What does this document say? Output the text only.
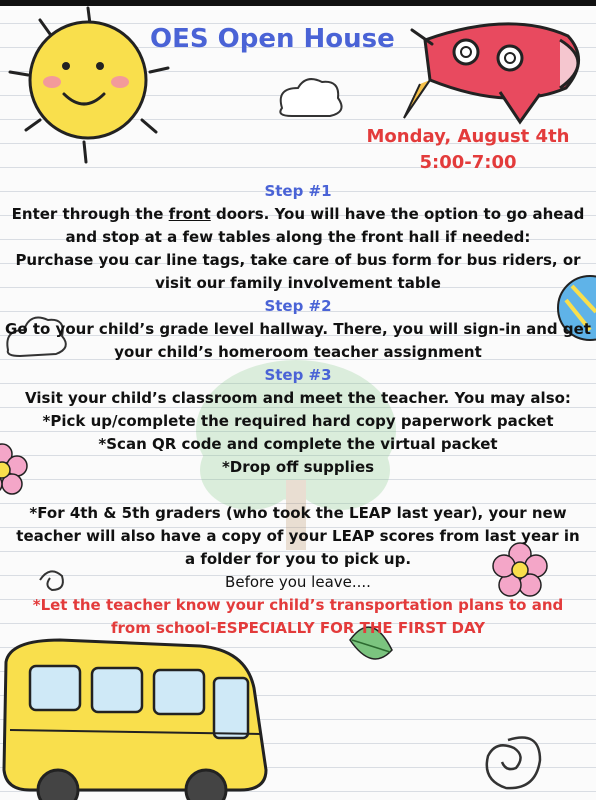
OES Open House
Monday, August 4th
5:00-7:00
Step #1
Enter through the front doors. You will have the option to go ahead
and stop at a few tables along the front hall if needed:
Purchase you car line tags, take care of bus form for bus riders, or
visit our family involvement table
Step #2
Go to your child’s grade level hallway. There, you will sign-in and get
your child’s homeroom teacher assignment
Step #3
Visit your child’s classroom and meet the teacher. You may also:
*Pick up/complete the required hard copy paperwork packet
*Scan QR code and complete the virtual packet
*Drop off supplies
*For 4th & 5th graders (who took the LEAP last year), your new
teacher will also have a copy of your LEAP scores from last year in
a folder for you to pick up.
Before you leave....
*Let the teacher know your child’s transportation plans to and
from school-ESPECIALLY FOR THE FIRST DAY
